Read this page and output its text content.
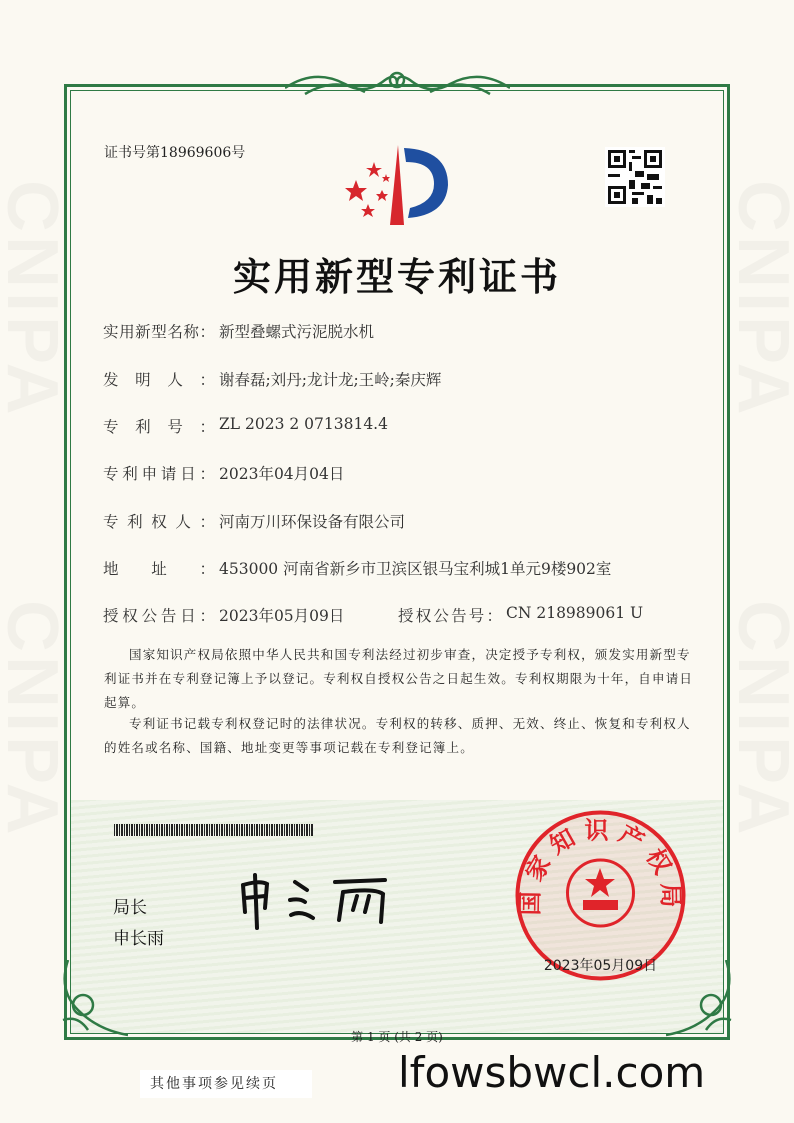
证书号第18969606号
实用新型专利证书
实用新型名称： 新型叠螺式污泥脱水机
发明人： 谢春磊;刘丹;龙计龙;王岭;秦庆辉
专利号： ZL 2023 2 0713814.4
专利申请日： 2023年04月04日
专利权人： 河南万川环保设备有限公司
地址： 453000 河南省新乡市卫滨区银马宝利城1单元9楼902室
授权公告日： 2023年05月09日	授权公告号： CN 218989061 U
国家知识产权局依照中华人民共和国专利法经过初步审查，决定授予专利权，颁发实用新型专利证书并在专利登记簿上予以登记。专利权自授权公告之日起生效。专利权期限为十年，自申请日起算。
专利证书记载专利权登记时的法律状况。专利权的转移、质押、无效、终止、恢复和专利权人的姓名或名称、国籍、地址变更等事项记载在专利登记簿上。
局长
申长雨
国家知识产权局
2023年05月09日
第 1 页 (共 2 页)
其他事项参见续页	lfowsbwcl.com
